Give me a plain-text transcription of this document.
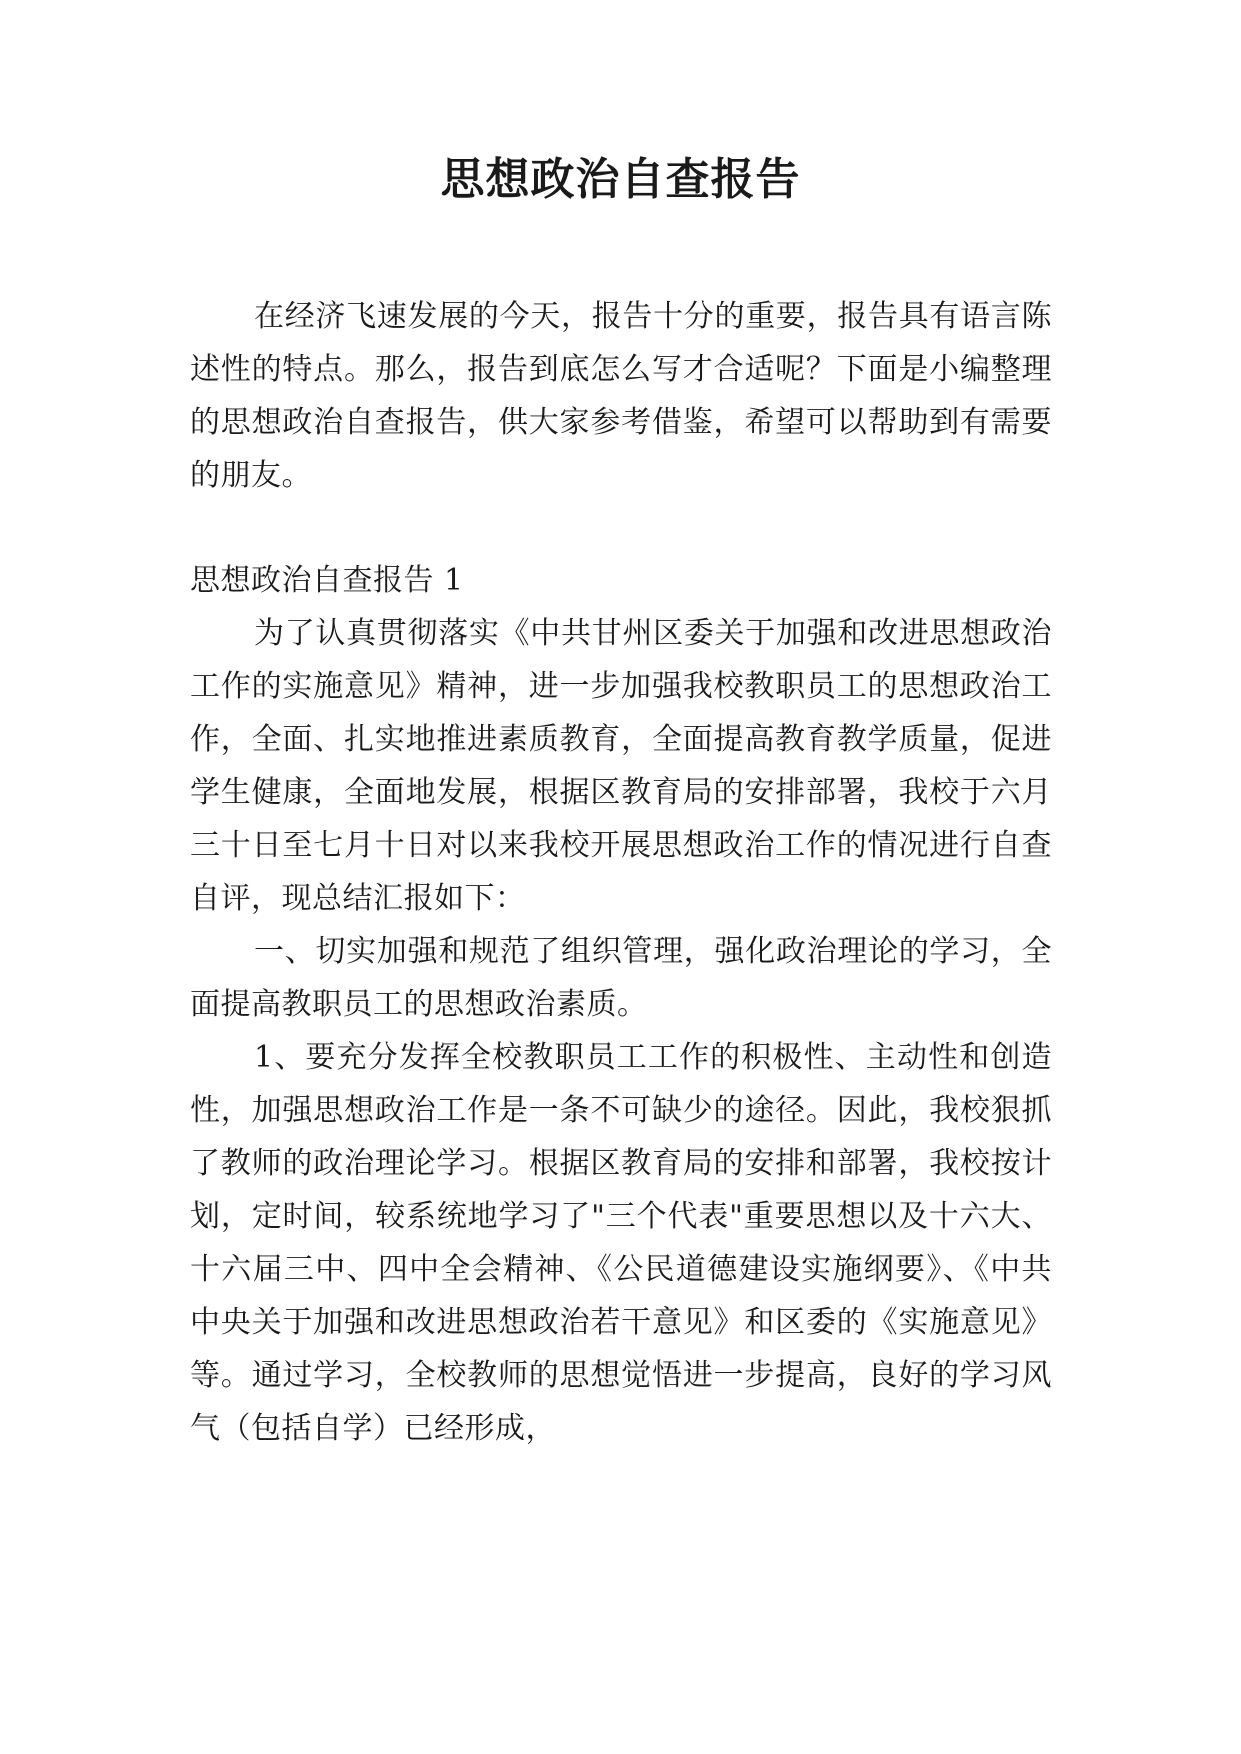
思想政治自查报告

在经济飞速发展的今天，报告十分的重要，报告具有语言陈述性的特点。那么，报告到底怎么写才合适呢？下面是小编整理的思想政治自查报告，供大家参考借鉴，希望可以帮助到有需要的朋友。

思想政治自查报告 1

为了认真贯彻落实《中共甘州区委关于加强和改进思想政治工作的实施意见》精神，进一步加强我校教职员工的思想政治工作，全面、扎实地推进素质教育，全面提高教育教学质量，促进学生健康，全面地发展，根据区教育局的安排部署，我校于六月三十日至七月十日对以来我校开展思想政治工作的情况进行自查自评，现总结汇报如下：

一、切实加强和规范了组织管理，强化政治理论的学习，全面提高教职员工的思想政治素质。

1、要充分发挥全校教职员工工作的积极性、主动性和创造性，加强思想政治工作是一条不可缺少的途径。因此，我校狠抓了教师的政治理论学习。根据区教育局的安排和部署，我校按计划，定时间，较系统地学习了"三个代表"重要思想以及十六大、十六届三中、四中全会精神、《公民道德建设实施纲要》、《中共中央关于加强和改进思想政治若干意见》和区委的《实施意见》等。通过学习，全校教师的思想觉悟进一步提高，良好的学习风气（包括自学）已经形成，
